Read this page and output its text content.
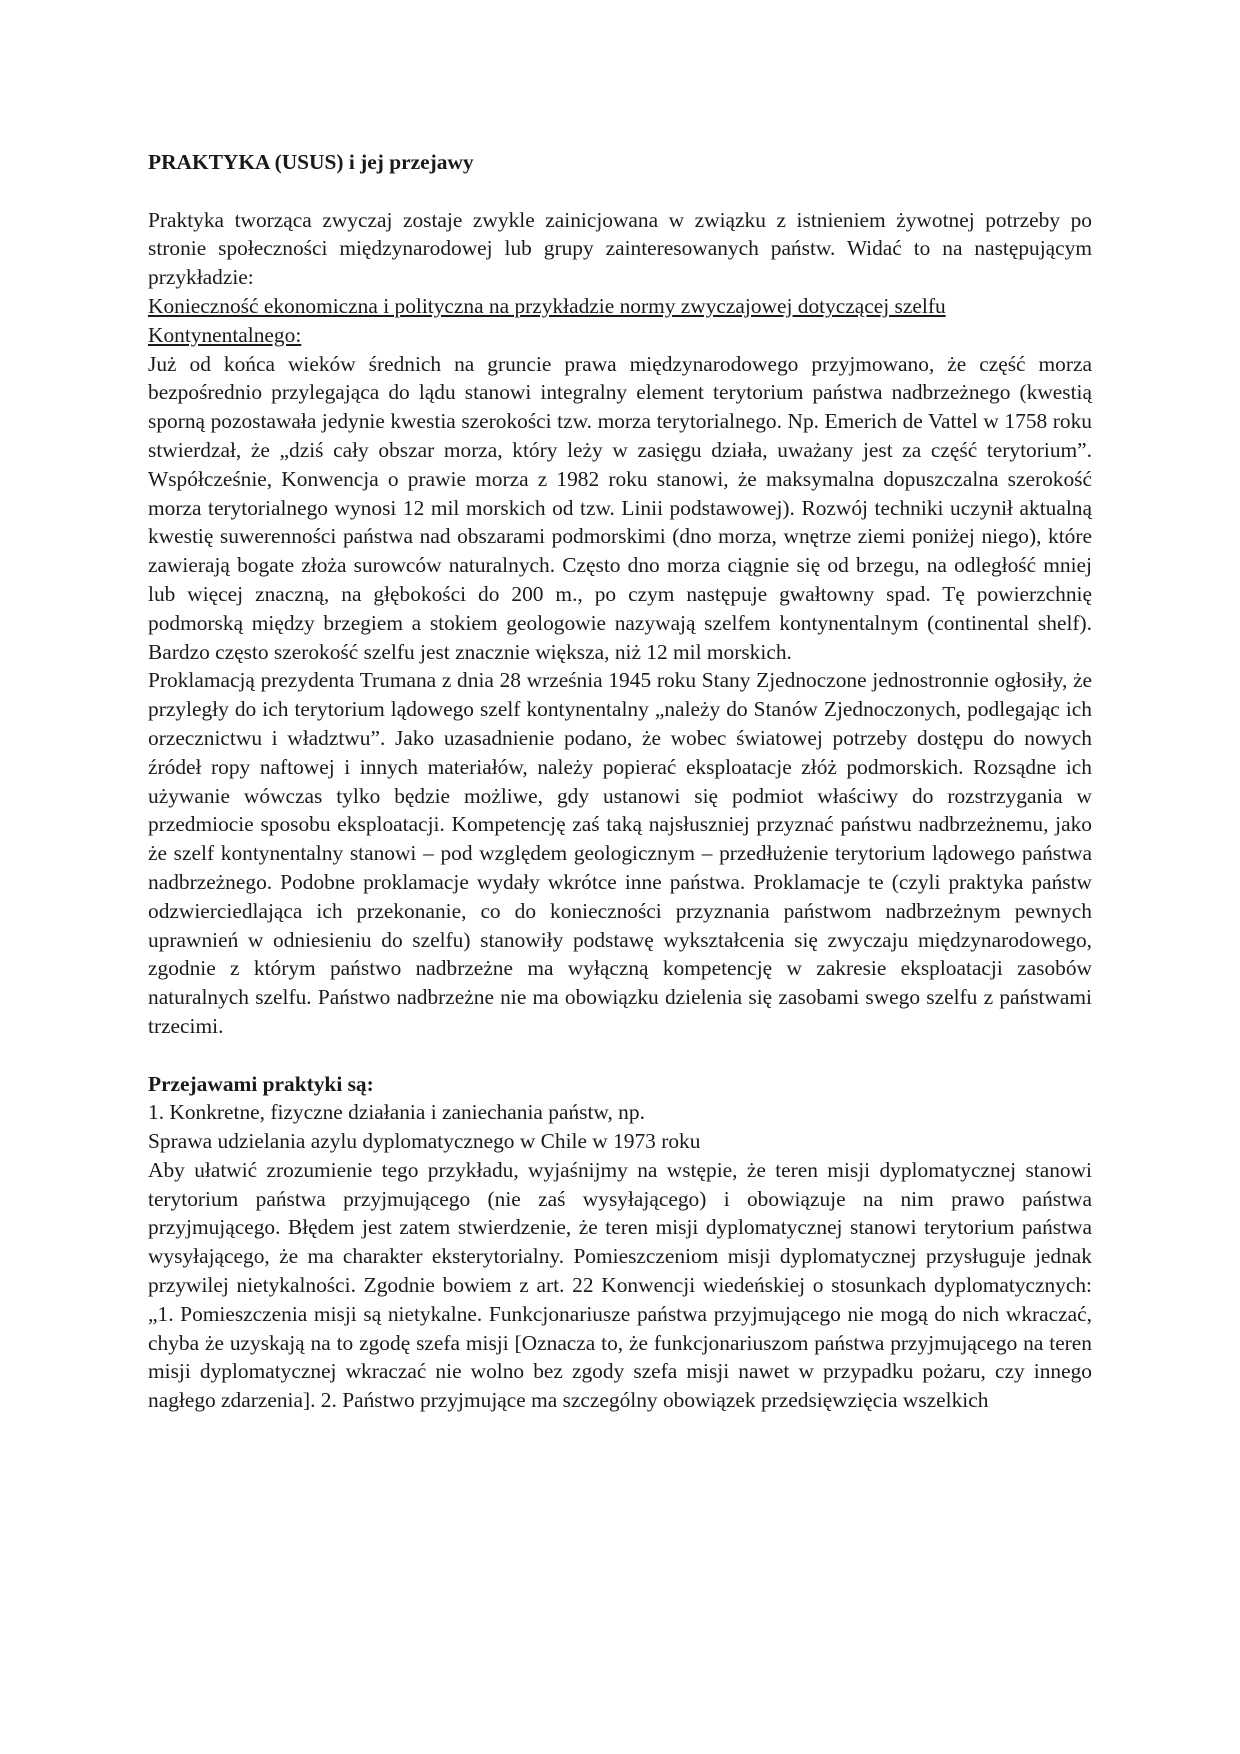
PRAKTYKA (USUS) i jej przejawy

Praktyka tworząca zwyczaj zostaje zwykle zainicjowana w związku z istnieniem żywotnej potrzeby po stronie społeczności międzynarodowej lub grupy zainteresowanych państw. Widać to na następującym przykładzie:

Konieczność ekonomiczna i polityczna na przykładzie normy zwyczajowej dotyczącej szelfu Kontynentalnego:

Już od końca wieków średnich na gruncie prawa międzynarodowego przyjmowano, że część morza bezpośrednio przylegająca do lądu stanowi integralny element terytorium państwa nadbrzeżnego (kwestią sporną pozostawała jedynie kwestia szerokości tzw. morza terytorialnego. Np. Emerich de Vattel w 1758 roku stwierdzał, że „dziś cały obszar morza, który leży w zasięgu działa, uważany jest za część terytorium”. Współcześnie, Konwencja o prawie morza z 1982 roku stanowi, że maksymalna dopuszczalna szerokość morza terytorialnego wynosi 12 mil morskich od tzw. Linii podstawowej). Rozwój techniki uczynił aktualną kwestię suwerenności państwa nad obszarami podmorskimi (dno morza, wnętrze ziemi poniżej niego), które zawierają bogate złoża surowców naturalnych. Często dno morza ciągnie się od brzegu, na odległość mniej lub więcej znaczną, na głębokości do 200 m., po czym następuje gwałtowny spad. Tę powierzchnię podmorską między brzegiem a stokiem geologowie nazywają szelfem kontynentalnym (continental shelf). Bardzo często szerokość szelfu jest znacznie większa, niż 12 mil morskich.

Proklamacją prezydenta Trumana z dnia 28 września 1945 roku Stany Zjednoczone jednostronnie ogłosiły, że przyległy do ich terytorium lądowego szelf kontynentalny „należy do Stanów Zjednoczonych, podlegając ich orzecznictwu i władztwu”. Jako uzasadnienie podano, że wobec światowej potrzeby dostępu do nowych źródeł ropy naftowej i innych materiałów, należy popierać eksploatacje złóż podmorskich. Rozsądne ich używanie wówczas tylko będzie możliwe, gdy ustanowi się podmiot właściwy do rozstrzygania w przedmiocie sposobu eksploatacji. Kompetencję zaś taką najsłuszniej przyznać państwu nadbrzeżnemu, jako że szelf kontynentalny stanowi – pod względem geologicznym – przedłużenie terytorium lądowego państwa nadbrzeżnego. Podobne proklamacje wydały wkrótce inne państwa. Proklamacje te (czyli praktyka państw odzwierciedlająca ich przekonanie, co do konieczności przyznania państwom nadbrzeżnym pewnych uprawnień w odniesieniu do szelfu) stanowiły podstawę wykształcenia się zwyczaju międzynarodowego, zgodnie z którym państwo nadbrzeżne ma wyłączną kompetencję w zakresie eksploatacji zasobów naturalnych szelfu. Państwo nadbrzeżne nie ma obowiązku dzielenia się zasobami swego szelfu z państwami trzecimi.

Przejawami praktyki są:

1. Konkretne, fizyczne działania i zaniechania państw, np.

Sprawa udzielania azylu dyplomatycznego w Chile w 1973 roku

Aby ułatwić zrozumienie tego przykładu, wyjaśnijmy na wstępie, że teren misji dyplomatycznej stanowi terytorium państwa przyjmującego (nie zaś wysyłającego) i obowiązuje na nim prawo państwa przyjmującego. Błędem jest zatem stwierdzenie, że teren misji dyplomatycznej stanowi terytorium państwa wysyłającego, że ma charakter eksterytorialny. Pomieszczeniom misji dyplomatycznej przysługuje jednak przywilej nietykalności. Zgodnie bowiem z art. 22 Konwencji wiedeńskiej o stosunkach dyplomatycznych: „1. Pomieszczenia misji są nietykalne. Funkcjonariusze państwa przyjmującego nie mogą do nich wkraczać, chyba że uzyskają na to zgodę szefa misji [Oznacza to, że funkcjonariuszom państwa przyjmującego na teren misji dyplomatycznej wkraczać nie wolno bez zgody szefa misji nawet w przypadku pożaru, czy innego nagłego zdarzenia]. 2. Państwo przyjmujące ma szczególny obowiązek przedsięwzięcia wszelkich
